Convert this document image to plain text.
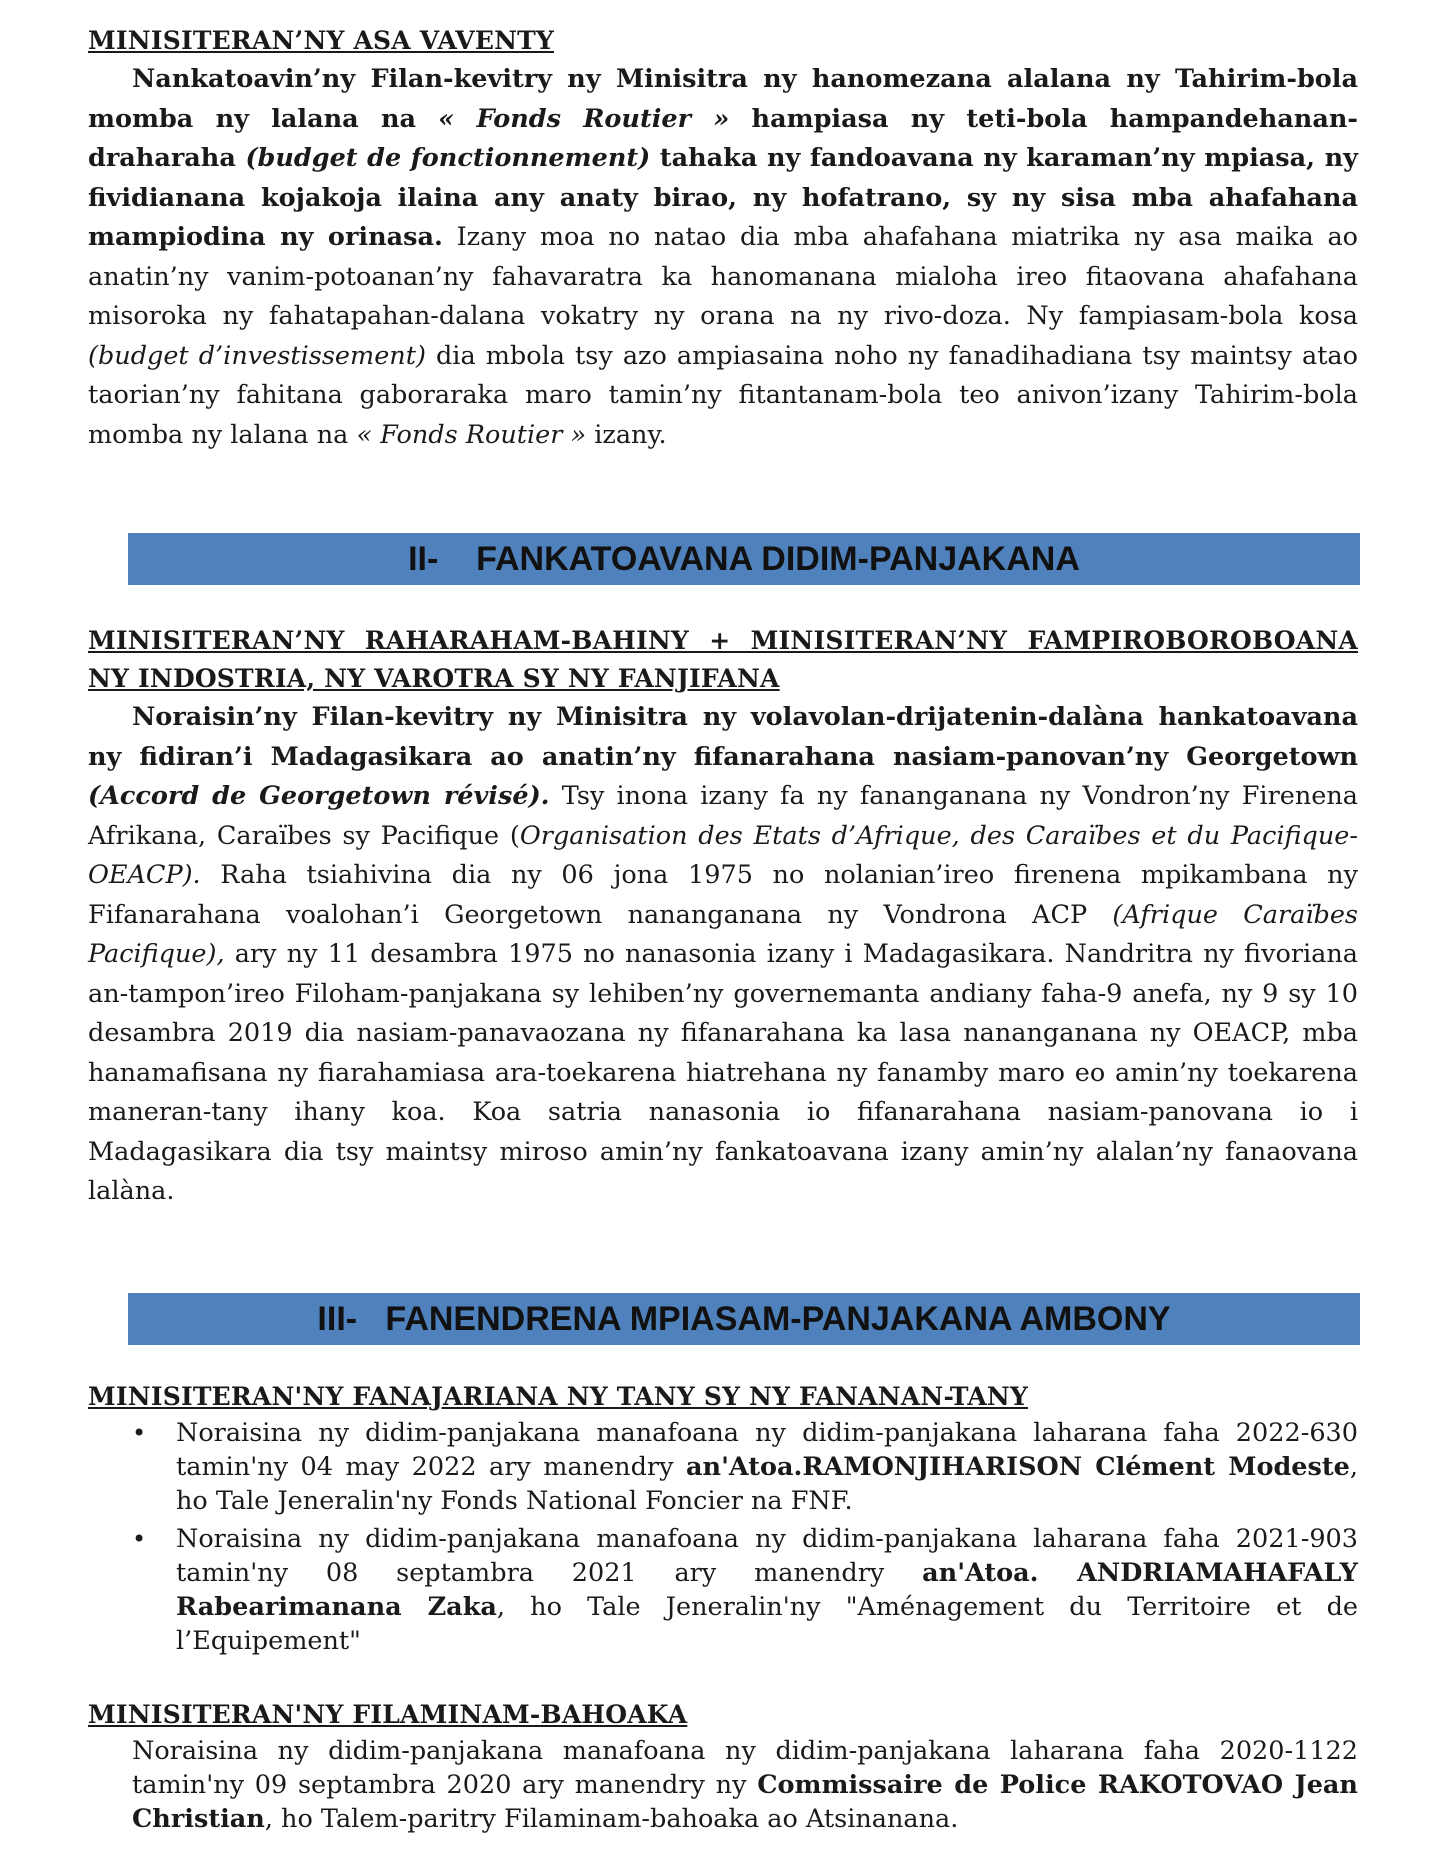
MINISITERAN’NY ASA VAVENTY

Nankatoavin’ny Filan-kevitry ny Minisitra ny hanomezana alalana ny Tahirim-bola momba ny lalana na « Fonds Routier » hampiasa ny teti-bola hampandehanan-draharaha (budget de fonctionnement) tahaka ny fandoavana ny karaman’ny mpiasa, ny fividianana kojakoja ilaina any anaty birao, ny hofatrano, sy ny sisa mba ahafahana mampiodina ny orinasa. Izany moa no natao dia mba ahafahana miatrika ny asa maika ao anatin’ny vanim-potoanan’ny fahavaratra ka hanomanana mialoha ireo fitaovana ahafahana misoroka ny fahatapahan-dalana vokatry ny orana na ny rivo-doza. Ny fampiasam-bola kosa (budget d’investissement) dia mbola tsy azo ampiasaina noho ny fanadihadiana tsy maintsy atao taorian’ny fahitana gaboraraka maro tamin’ny fitantanam-bola teo anivon’izany Tahirim-bola momba ny lalana na « Fonds Routier » izany.

II-    FANKATOAVANA DIDIM-PANJAKANA

MINISITERAN’NY RAHARAHAM-BAHINY + MINISITERAN’NY FAMPIROBOROBOANA NY INDOSTRIA, NY VAROTRA SY NY FANJIFANA

Noraisin’ny Filan-kevitry ny Minisitra ny volavolan-drijatenin-dalàna hankatoavana ny fidiran’i Madagasikara ao anatin’ny fifanarahana nasiam-panovan’ny Georgetown (Accord de Georgetown révisé). Tsy inona izany fa ny fananganana ny Vondron’ny Firenena Afrikana, Caraïbes sy Pacifique (Organisation des Etats d’Afrique, des Caraïbes et du Pacifique- OEACP). Raha tsiahivina dia ny 06 jona 1975 no nolanian’ireo firenena mpikambana ny Fifanarahana voalohan’i Georgetown nananganana ny Vondrona ACP (Afrique Caraïbes Pacifique), ary ny 11 desambra 1975 no nanasonia izany i Madagasikara. Nandritra ny fivoriana an-tampon’ireo Filoham-panjakana sy lehiben’ny governemanta andiany faha-9 anefa, ny 9 sy 10 desambra 2019 dia nasiam-panavaozana ny fifanarahana ka lasa nananganana ny OEACP, mba hanamafisana ny fiarahamiasa ara-toekarena hiatrehana ny fanamby maro eo amin’ny toekarena maneran-tany ihany koa. Koa satria nanasonia io fifanarahana nasiam-panovana io i Madagasikara dia tsy maintsy miroso amin’ny fankatoavana izany amin’ny alalan’ny fanaovana lalàna.

III-   FANENDRENA MPIASAM-PANJAKANA AMBONY

MINISITERAN'NY FANAJARIANA NY TANY SY NY FANANAN-TANY

• Noraisina ny didim-panjakana manafoana ny didim-panjakana laharana faha 2022-630 tamin'ny 04 may 2022 ary manendry an'Atoa.RAMONJIHARISON Clément Modeste, ho Tale Jeneralin'ny Fonds National Foncier na FNF.
• Noraisina ny didim-panjakana manafoana ny didim-panjakana laharana faha 2021-903 tamin'ny 08 septambra 2021 ary manendry an'Atoa. ANDRIAMAHAFALY Rabearimanana Zaka, ho Tale Jeneralin'ny "Aménagement du Territoire et de l’Equipement"

MINISITERAN'NY FILAMINAM-BAHOAKA

Noraisina ny didim-panjakana manafoana ny didim-panjakana laharana faha 2020-1122 tamin'ny 09 septambra 2020 ary manendry ny Commissaire de Police RAKOTOVAO Jean Christian, ho Talem-paritry Filaminam-bahoaka ao Atsinanana.
